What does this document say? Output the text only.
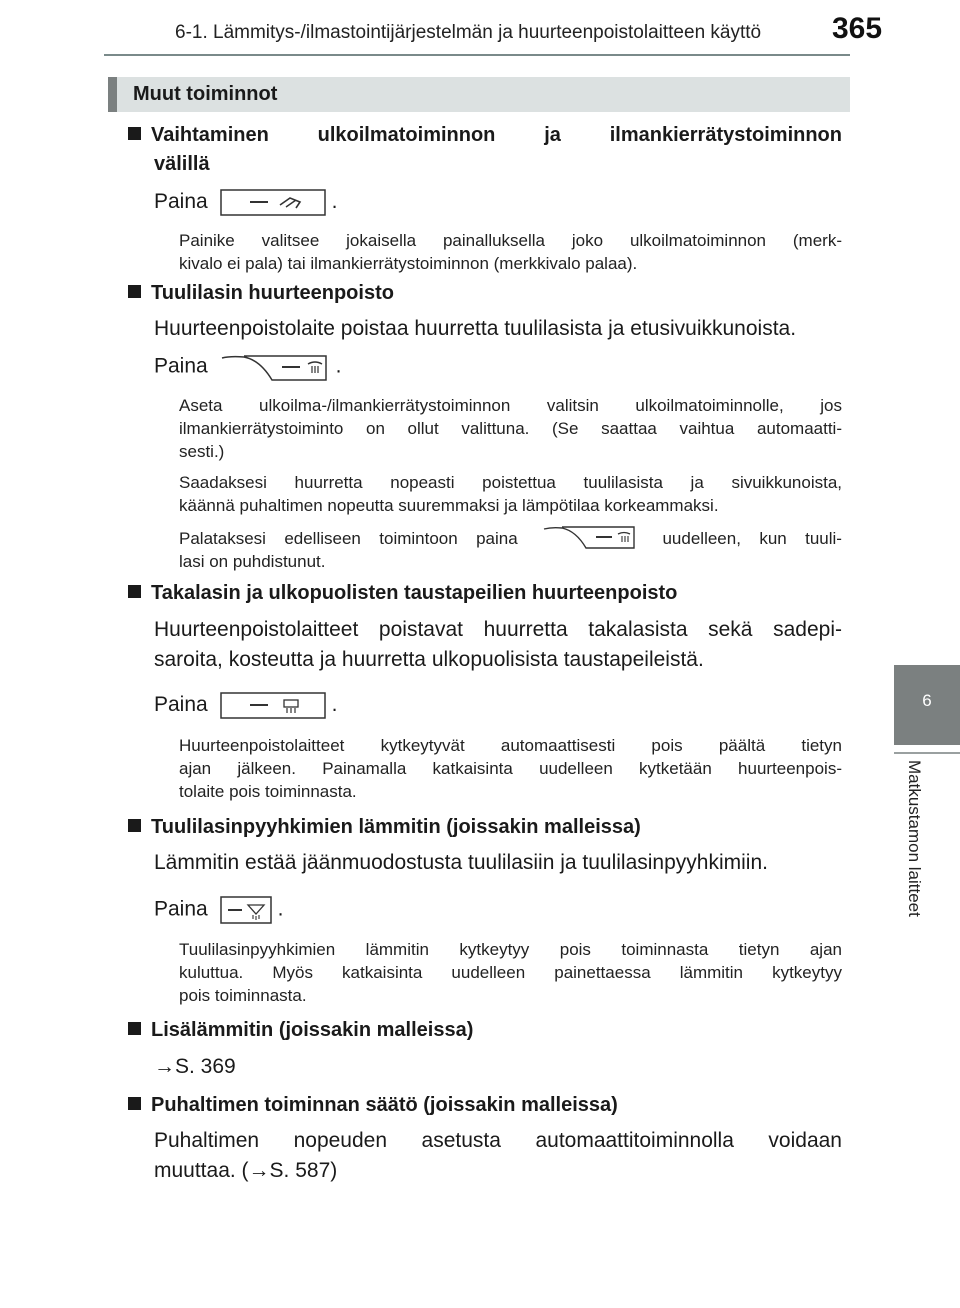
6-1. Lämmitys-/ilmastointijärjestelmän ja huurteenpoistolaitteen käyttö 365
6
Matkustamon laitteet
Muut toiminnot
Vaihtaminen ulkoilmatoiminnon ja ilmankierrätystoiminnon
välillä
Paina	.
Painike valitsee jokaisella painalluksella joko ulkoilmatoiminnon (merk-
kivalo ei pala) tai ilmankierrätystoiminnon (merkkivalo palaa).
Tuulilasin huurteenpoisto
Huurteenpoistolaite poistaa huurretta tuulilasista ja etusivuikkunoista.
Paina	.
Aseta ulkoilma-/ilmankierrätystoiminnon valitsin ulkoilmatoiminnolle, jos
ilmankierrätystoiminto on ollut valittuna. (Se saattaa vaihtua automaatti-
sesti.)
Saadaksesi huurretta nopeasti poistettua tuulilasista ja sivuikkunoista,
käännä puhaltimen nopeutta suuremmaksi ja lämpötilaa korkeammaksi.
Palataksesi edelliseen toimintoon paina	uudelleen, kun tuuli-
lasi on puhdistunut.
Takalasin ja ulkopuolisten taustapeilien huurteenpoisto
Huurteenpoistolaitteet poistavat huurretta takalasista sekä sadepi-
saroita, kosteutta ja huurretta ulkopuolisista taustapeileistä.
Paina	.
Huurteenpoistolaitteet kytkeytyvät automaattisesti pois päältä tietyn
ajan jälkeen. Painamalla katkaisinta uudelleen kytketään huurteenpois-
tolaite pois toiminnasta.
Tuulilasinpyyhkimien lämmitin (joissakin malleissa)
Lämmitin estää jäänmuodostusta tuulilasiin ja tuulilasinpyyhkimiin.
Paina	.
Tuulilasinpyyhkimien lämmitin kytkeytyy pois toiminnasta tietyn ajan
kuluttua. Myös katkaisinta uudelleen painettaessa lämmitin kytkeytyy
pois toiminnasta.
Lisälämmitin (joissakin malleissa)
→S. 369
Puhaltimen toiminnan säätö (joissakin malleissa)
Puhaltimen nopeuden asetusta automaattitoiminnolla voidaan
muuttaa. (→S. 587)
